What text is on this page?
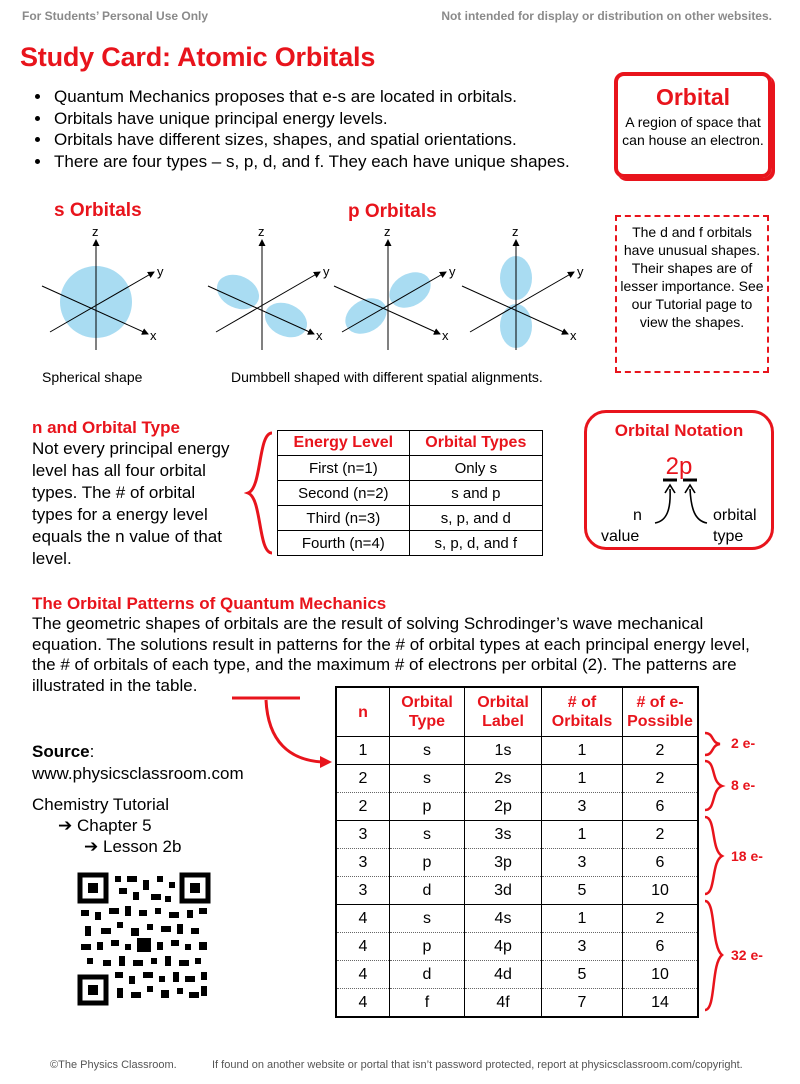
For Students’ Personal Use Only	Not intended for display or distribution on other websites.
Study Card: Atomic Orbitals
• Quantum Mechanics proposes that e-s are located in orbitals.
• Orbitals have unique principal energy levels.
• Orbitals have different sizes, shapes, and spatial orientations.
• There are four types – s, p, d, and f. They each have unique shapes.
Orbital
A region of space that can house an electron.
s Orbitals	p Orbitals
z
y
x
z
y
x
z
y
x
z
y
x
Spherical shape	Dumbbell shaped with different spatial alignments.
The d and f orbitals have unusual shapes. Their shapes are of lesser importance. See our Tutorial page to view the shapes.
n and Orbital Type
Not every principal energy level has all four orbital types. The # of orbital types for a energy level equals the n value of that level.
Energy Level	Orbital Types
First (n=1)	Only s
Second (n=2)	s and p
Third (n=3)	s, p, and d
Fourth (n=4)	s, p, d, and f
Orbital Notation
2p
n
value
orbital
type
The Orbital Patterns of Quantum Mechanics
The geometric shapes of orbitals are the result of solving Schrodinger’s wave mechanical equation. The solutions result in patterns for the # of orbital types at each principal energy level, the # of orbitals of each type, and the maximum # of electrons per orbital (2). The patterns are illustrated in the table.
n	Orbital Type	Orbital Label	# of Orbitals	# of e- Possible
1	s	1s	1	2
2	s	2s	1	2
2	p	2p	3	6
3	s	3s	1	2
3	p	3p	3	6
3	d	3d	5	10
4	s	4s	1	2
4	p	4p	3	6
4	d	4d	5	10
4	f	4f	7	14
2 e-
8 e-
18 e-
32 e-
Source:
www.physicsclassroom.com
Chemistry Tutorial
➔ Chapter 5
➔ Lesson 2b
©The Physics Classroom.	If found on another website or portal that isn’t password protected, report at physicsclassroom.com/copyright.
